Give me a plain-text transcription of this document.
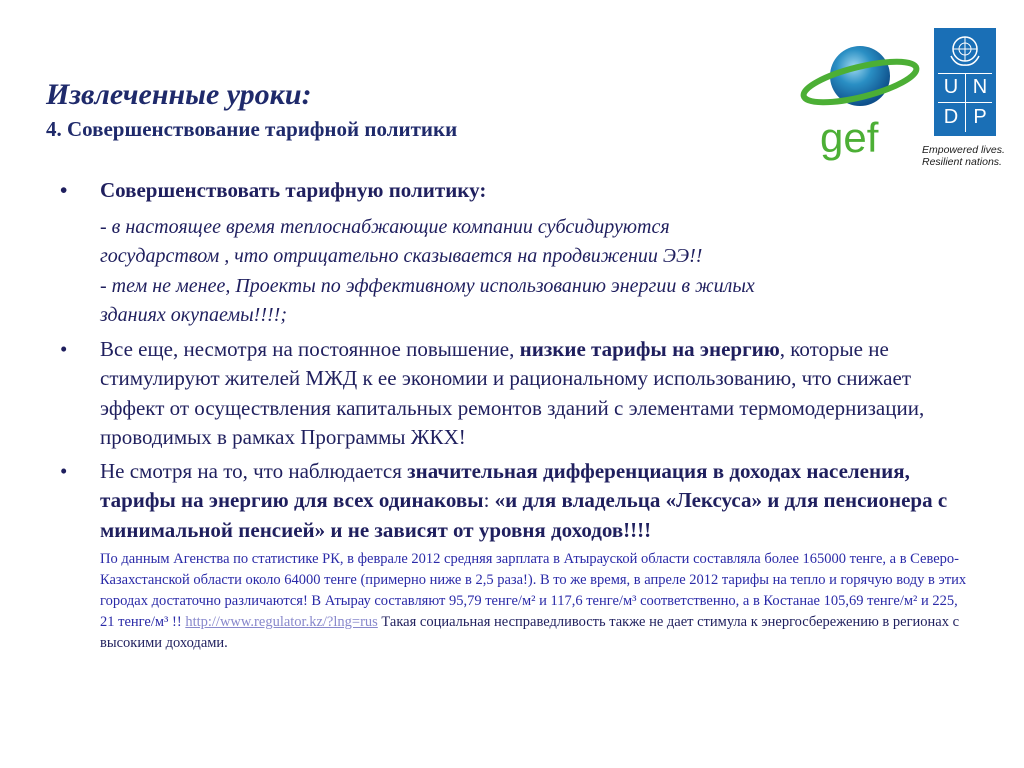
Извлеченные уроки:
4. Совершенствование тарифной политики	gef
U N
D P
Empowered lives.
Resilient nations.
• Совершенствовать тарифную политику:
- в настоящее время теплоснабжающие компании субсидируются
государством , что отрицательно сказывается на продвижении ЭЭ!!
- тем не менее, Проекты по эффективному использованию энергии в жилых
зданиях окупаемы!!!!;
• Все еще, несмотря на постоянное повышение, низкие тарифы на энергию, которые не стимулируют жителей МЖД к ее экономии и рациональному использованию, что снижает эффект от осуществления капитальных ремонтов зданий с элементами термомодернизации, проводимых в рамках Программы ЖКХ!
• Не смотря на то, что наблюдается значительная дифференциация в доходах населения, тарифы на энергию для всех одинаковы: «и для владельца «Лексуса» и для пенсионера с минимальной пенсией» и не зависят от уровня доходов!!!!
По данным Агенства по статистике РК, в феврале 2012 средняя зарплата в Атырауской области составляла более 165000 тенге, а в Северо-Казахстанской области около 64000 тенге (примерно ниже в 2,5 раза!). В то же время, в апреле 2012 тарифы на тепло и горячую воду в этих городах достаточно различаются! В Атырау составляют 95,79 тенге/м² и 117,6 тенге/м³ соответственно, а в Костанае 105,69 тенге/м² и 225, 21 тенге/м³ !! http://www.regulator.kz/?lng=rus Такая социальная несправедливость также не дает стимула к энергосбережению в регионах с высокими доходами.
